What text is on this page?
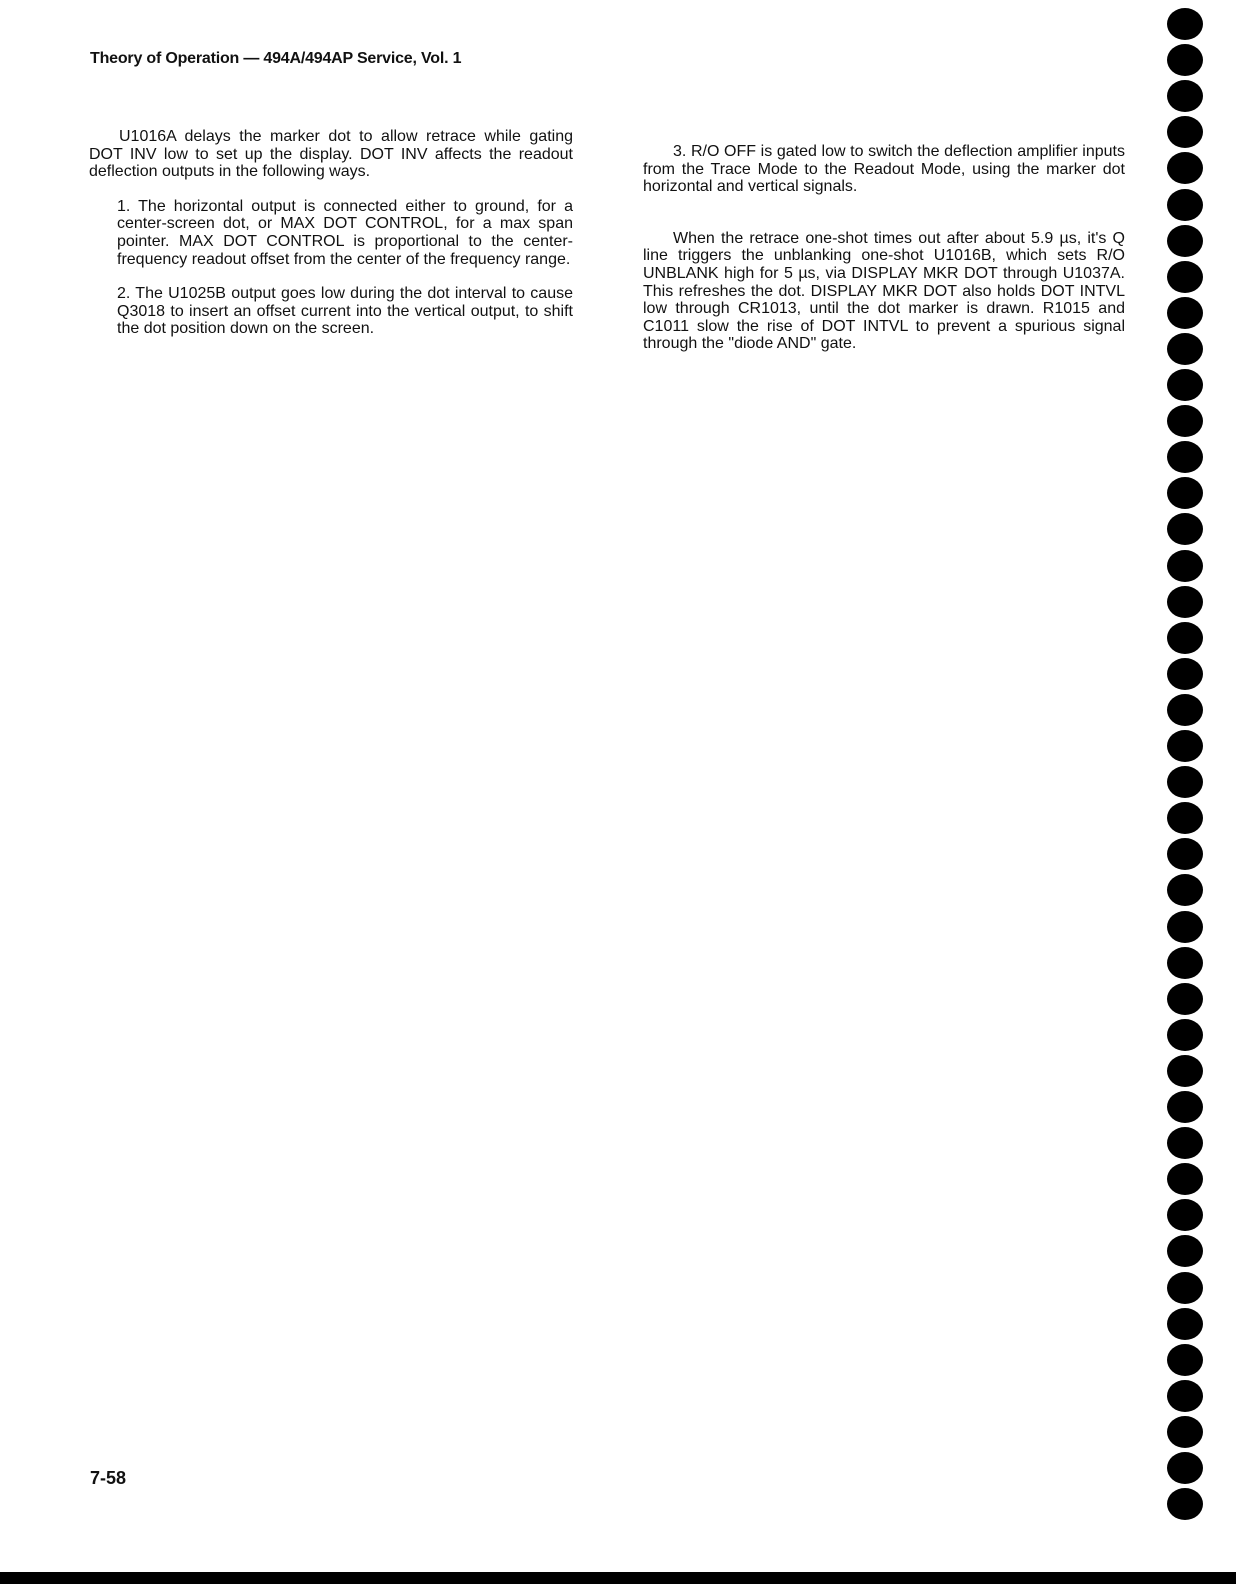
Theory of Operation — 494A/494AP Service, Vol. 1

U1016A delays the marker dot to allow retrace while gating DOT INV low to set up the display. DOT INV affects the readout deflection outputs in the following ways.

1. The horizontal output is connected either to ground, for a center-screen dot, or MAX DOT CONTROL, for a max span pointer. MAX DOT CONTROL is proportional to the center-frequency readout offset from the center of the frequency range.

2. The U1025B output goes low during the dot interval to cause Q3018 to insert an offset current into the vertical output, to shift the dot position down on the screen.

3. R/O OFF is gated low to switch the deflection amplifier inputs from the Trace Mode to the Readout Mode, using the marker dot horizontal and vertical signals.

When the retrace one-shot times out after about 5.9 µs, it's Q line triggers the unblanking one-shot U1016B, which sets R/O UNBLANK high for 5 µs, via DISPLAY MKR DOT through U1037A. This refreshes the dot. DISPLAY MKR DOT also holds DOT INTVL low through CR1013, until the dot marker is drawn. R1015 and C1011 slow the rise of DOT INTVL to prevent a spurious signal through the "diode AND" gate.

7-58
